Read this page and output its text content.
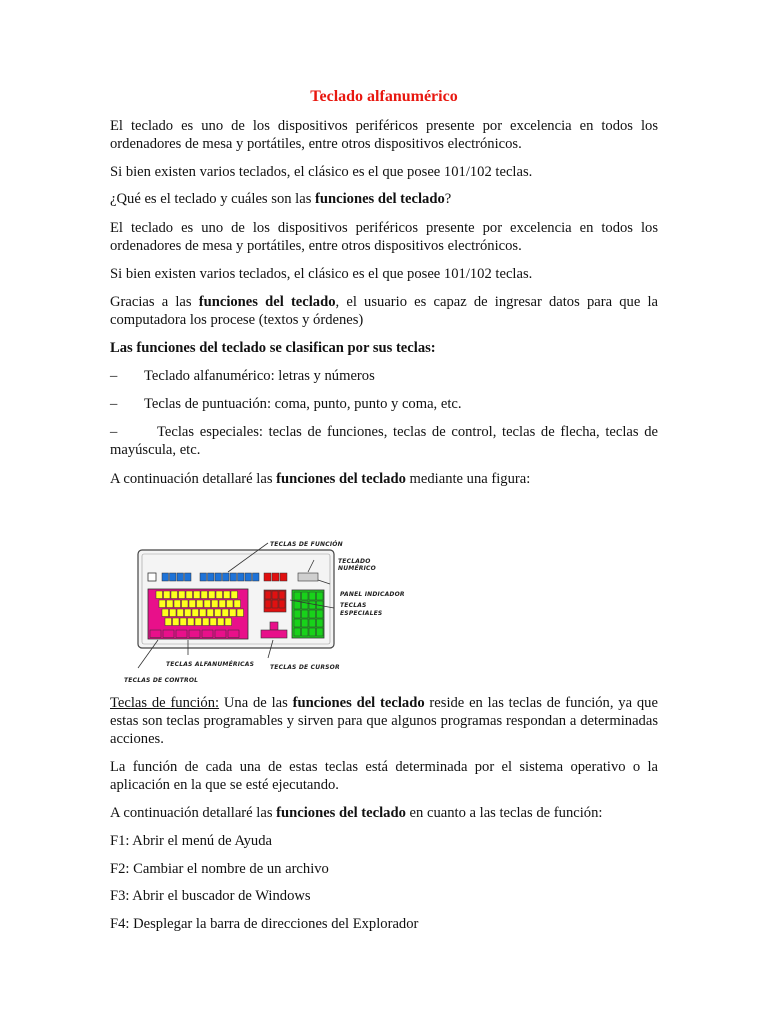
Teclado alfanumérico

El teclado es uno de los dispositivos periféricos presente por excelencia en todos los ordenadores de mesa y portátiles, entre otros dispositivos electrónicos.

Si bien existen varios teclados, el clásico es el que posee 101/102 teclas.

¿Qué es el teclado y cuáles son las funciones del teclado?

El teclado es uno de los dispositivos periféricos presente por excelencia en todos los ordenadores de mesa y portátiles, entre otros dispositivos electrónicos.

Si bien existen varios teclados, el clásico es el que posee 101/102 teclas.

Gracias a las funciones del teclado, el usuario es capaz de ingresar datos para que la computadora los procese (textos y órdenes)

Las funciones del teclado se clasifican por sus teclas:

–	Teclado alfanumérico: letras y números

–	Teclas de puntuación: coma, punto, punto y coma, etc.

–	Teclas especiales: teclas de funciones, teclas de control, teclas de flecha, teclas de mayúscula, etc.

A continuación detallaré las funciones del teclado mediante una figura:

Teclas de función: Una de las funciones del teclado reside en las teclas de función, ya que estas son teclas programables y sirven para que algunos programas respondan a determinadas acciones.

La función de cada una de estas teclas está determinada por el sistema operativo o la aplicación en la que se esté ejecutando.

A continuación detallaré las funciones del teclado en cuanto a las teclas de función:

F1: Abrir el menú de Ayuda

F2: Cambiar el nombre de un archivo

F3: Abrir el buscador de Windows

F4: Desplegar la barra de direcciones del Explorador

TECLAS DE FUNCIÓN
TECLADO NUMÉRICO
PANEL INDICADOR
TECLAS ESPECIALES
TECLAS ALFANUMÉRICAS	TECLAS DE CURSOR
TECLAS DE CONTROL
